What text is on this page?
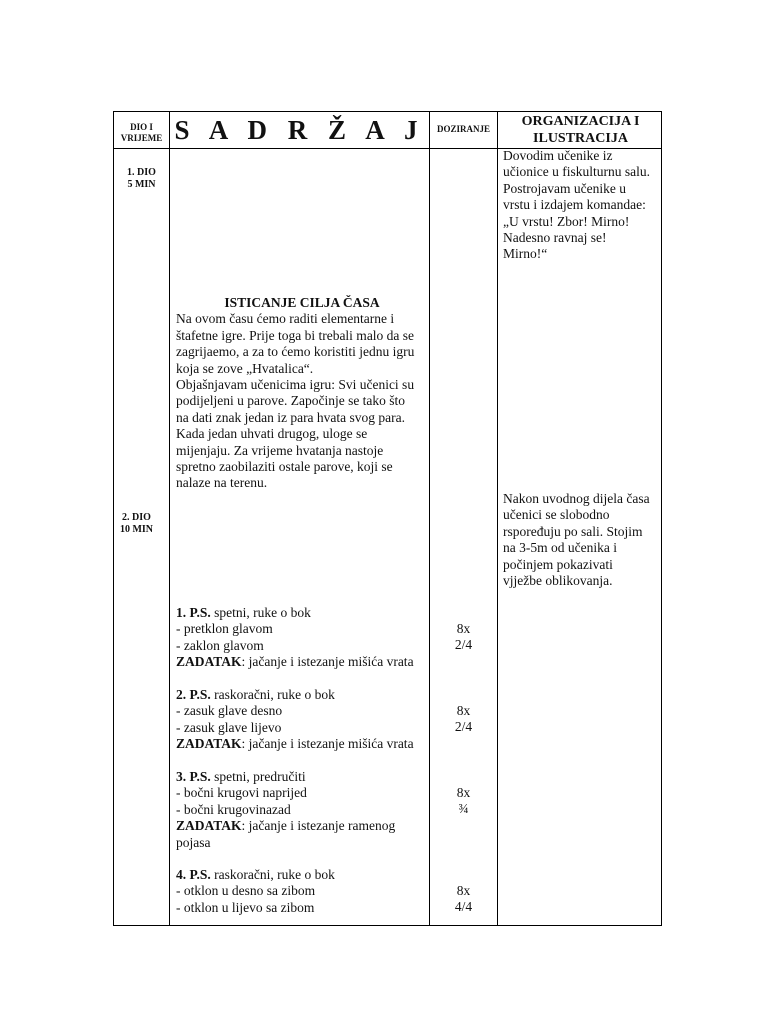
DIO I
VRIJEME S A D R Ž A J	DOZIRANJE	ORGANIZACIJA I
ILUSTRACIJA
1. DIO
5 MIN
2. DIO
10 MIN
Dovodim učenike iz
učionice u fiskulturnu salu.
Postrojavam učenike u
vrstu i izdajem komandae:
„U vrstu! Zbor! Mirno!
Nadesno ravnaj se!
Mirno!“
Nakon uvodnog dijela časa
učenici se slobodno
rspoređuju po sali. Stojim
na 3-5m od učenika i
počinjem pokazivati
vjježbe oblikovanja.
ISTICANJE CILJA ČASA
Na ovom času ćemo raditi elementarne i
štafetne igre. Prije toga bi trebali malo da se
zagrijaemo, a za to ćemo koristiti jednu igru
koja se zove „Hvatalica“.
Objašnjavam učenicima igru: Svi učenici su
podijeljeni u parove. Započinje se tako što
na dati znak jedan iz para hvata svog para.
Kada jedan uhvati drugog, uloge se
mijenjaju. Za vrijeme hvatanja nastoje
spretno zaobilaziti ostale parove, koji se
nalaze na terenu.
1. P.S. spetni, ruke o bok
- pretklon glavom
- zaklon glavom
ZADATAK: jačanje i istezanje mišića vrata
8x
2/4
2. P.S. raskoračni, ruke o bok
- zasuk glave desno
- zasuk glave lijevo
ZADATAK: jačanje i istezanje mišića vrata
8x
2/4
3. P.S. spetni, predručiti
- bočni krugovi naprijed
- bočni krugovinazad
ZADATAK: jačanje i istezanje ramenog
pojasa
8x
¾
4. P.S. raskoračni, ruke o bok
- otklon u desno sa zibom
- otklon u lijevo sa zibom
8x
4/4
